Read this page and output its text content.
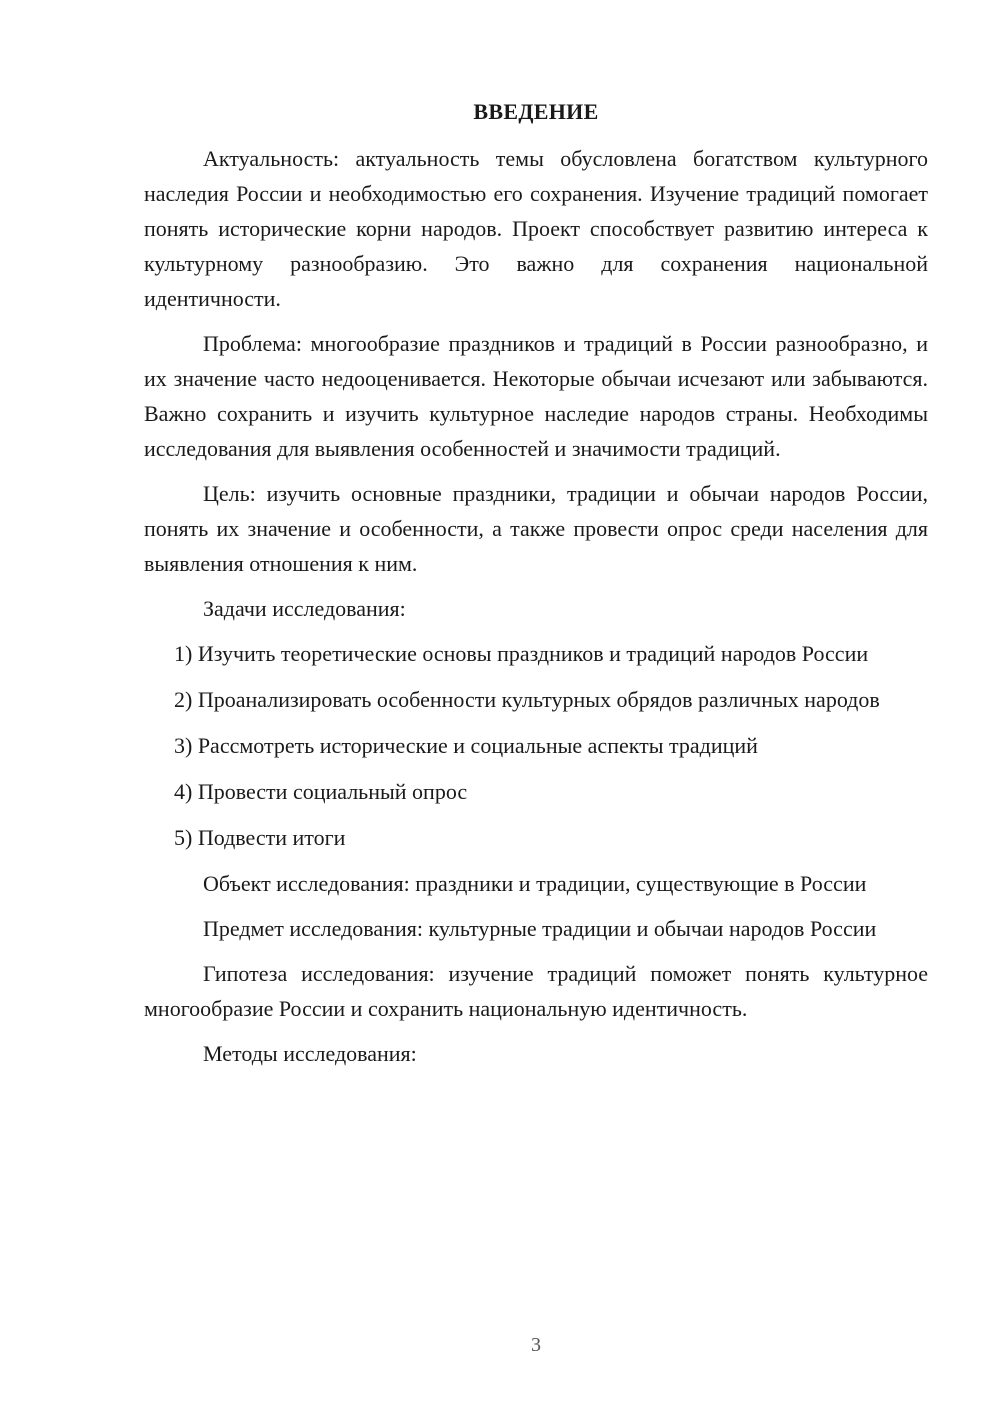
ВВЕДЕНИЕ

Актуальность: актуальность темы обусловлена богатством культурного наследия России и необходимостью его сохранения. Изучение традиций помогает понять исторические корни народов. Проект способствует развитию интереса к культурному разнообразию. Это важно для сохранения национальной идентичности.

Проблема: многообразие праздников и традиций в России разнообразно, и их значение часто недооценивается. Некоторые обычаи исчезают или забываются. Важно сохранить и изучить культурное наследие народов страны. Необходимы исследования для выявления особенностей и значимости традиций.

Цель: изучить основные праздники, традиции и обычаи народов России, понять их значение и особенности, а также провести опрос среди населения для выявления отношения к ним.

Задачи исследования:

1) Изучить теоретические основы праздников и традиций народов России

2) Проанализировать особенности культурных обрядов различных народов

3) Рассмотреть исторические и социальные аспекты традиций

4) Провести социальный опрос

5) Подвести итоги

Объект исследования: праздники и традиции, существующие в России

Предмет исследования: культурные традиции и обычаи народов России

Гипотеза исследования: изучение традиций поможет понять культурное многообразие России и сохранить национальную идентичность.

Методы исследования:

3
